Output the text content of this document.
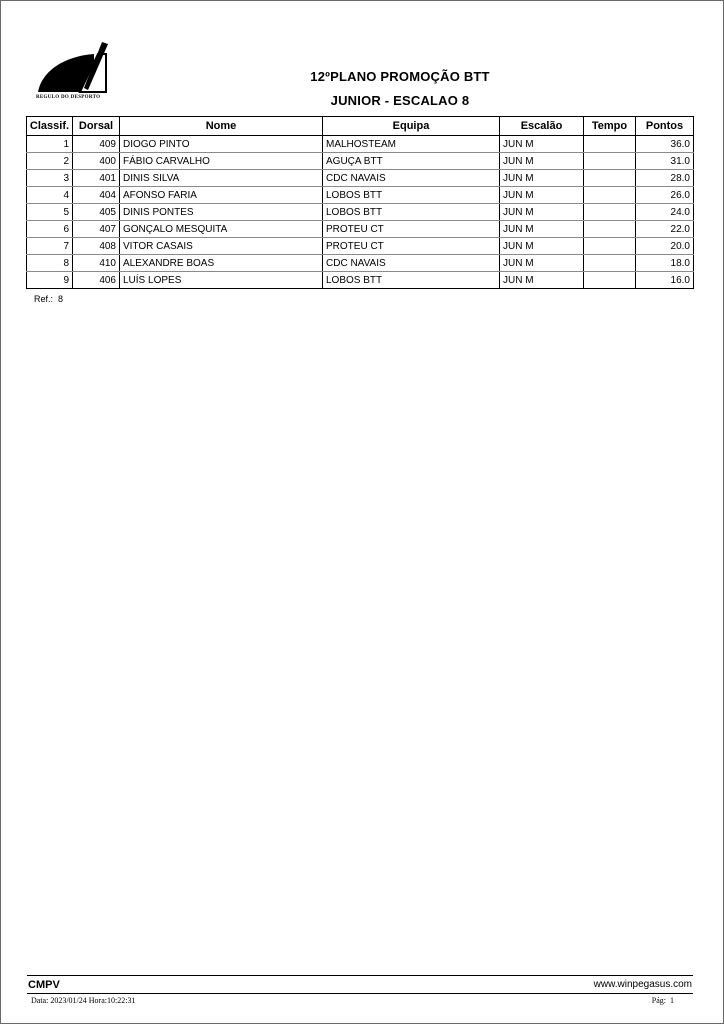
REGULO DO DESPORTO
12ºPLANO PROMOÇÃO BTT
JUNIOR - ESCALAO 8
Classif.	Dorsal	Nome	Equipa	Escalão	Tempo	Pontos
1	409	DIOGO PINTO	MALHOSTEAM	JUN M		36.0
2	400	FÁBIO CARVALHO	AGUÇA BTT	JUN M		31.0
3	401	DINIS SILVA	CDC NAVAIS	JUN M		28.0
4	404	AFONSO FARIA	LOBOS BTT	JUN M		26.0
5	405	DINIS PONTES	LOBOS BTT	JUN M		24.0
6	407	GONÇALO MESQUITA	PROTEU CT	JUN M		22.0
7	408	VITOR CASAIS	PROTEU CT	JUN M		20.0
8	410	ALEXANDRE BOAS	CDC NAVAIS	JUN M		18.0
9	406	LUÍS LOPES	LOBOS BTT	JUN M		16.0
Ref.: 8
CMPV	www.winpegasus.com
Data: 2023/01/24 Hora:10:22:31	Pág: 1
